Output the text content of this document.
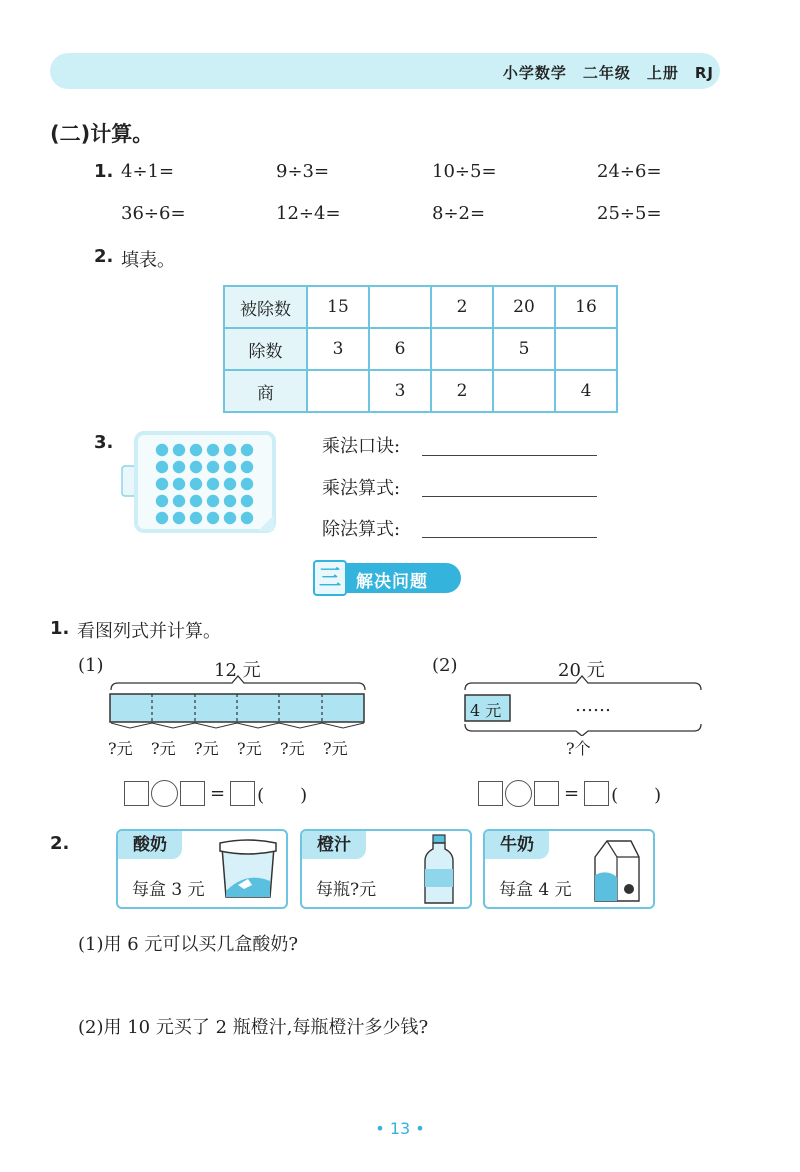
小学数学　二年级　上册　RJ
(二)计算。
1. 4÷1=	9÷3=	10÷5=	24÷6=
36÷6=	12÷4=	8÷2=	25÷5=
2. 填表。
被除数	15		2	20	16
除数	3	6		5	
商		3	2		4
3.	乘法口诀:
乘法算式:
除法算式:
三 解决问题
1. 看图列式并计算。
(1)	12 元
?元 ?元 ?元 ?元 ?元 ?元
(2)	20 元
4 元	……
?个
= (　　)	= (　　)
2.	酸奶
每盒 3 元
橙汁
每瓶?元
牛奶
每盒 4 元
(1)用 6 元可以买几盒酸奶?
(2)用 10 元买了 2 瓶橙汁,每瓶橙汁多少钱?
• 13 •
